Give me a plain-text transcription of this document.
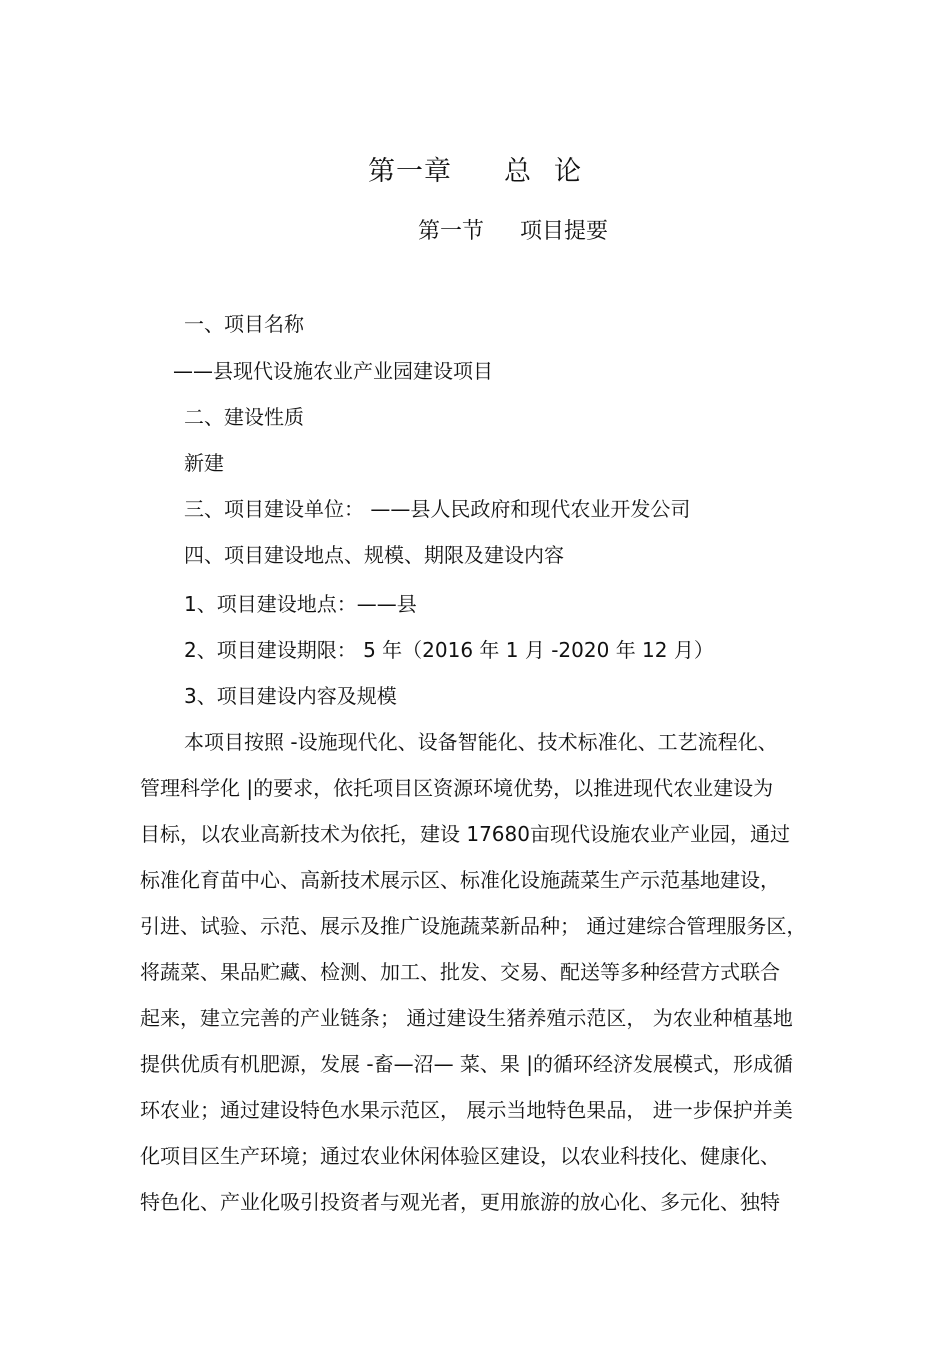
第一章 总 论
第一节 项目提要
一、项目名称
——县现代设施农业产业园建设项目
二、建设性质
新建
三、项目建设单位： ——县人民政府和现代农业开发公司
四、项目建设地点、规模、期限及建设内容
1、项目建设地点：——县
2、项目建设期限： 5 年（2016 年 1 月 -2020 年 12 月）
3、项目建设内容及规模
本项目按照 -设施现代化、设备智能化、技术标准化、工艺流程化、
管理科学化 |的要求，依托项目区资源环境优势，以推进现代农业建设为
目标，以农业高新技术为依托，建设 17680亩现代设施农业产业园，通过
标准化育苗中心、高新技术展示区、标准化设施蔬菜生产示范基地建设，
引进、试验、示范、展示及推广设施蔬菜新品种； 通过建综合管理服务区，
将蔬菜、果品贮藏、检测、加工、批发、交易、配送等多种经营方式联合
起来，建立完善的产业链条； 通过建设生猪养殖示范区， 为农业种植基地
提供优质有机肥源，发展 -畜—沼— 菜、果 |的循环经济发展模式，形成循
环农业；通过建设特色水果示范区， 展示当地特色果品， 进一步保护并美
化项目区生产环境；通过农业休闲体验区建设，以农业科技化、健康化、
特色化、产业化吸引投资者与观光者，更用旅游的放心化、多元化、独特
